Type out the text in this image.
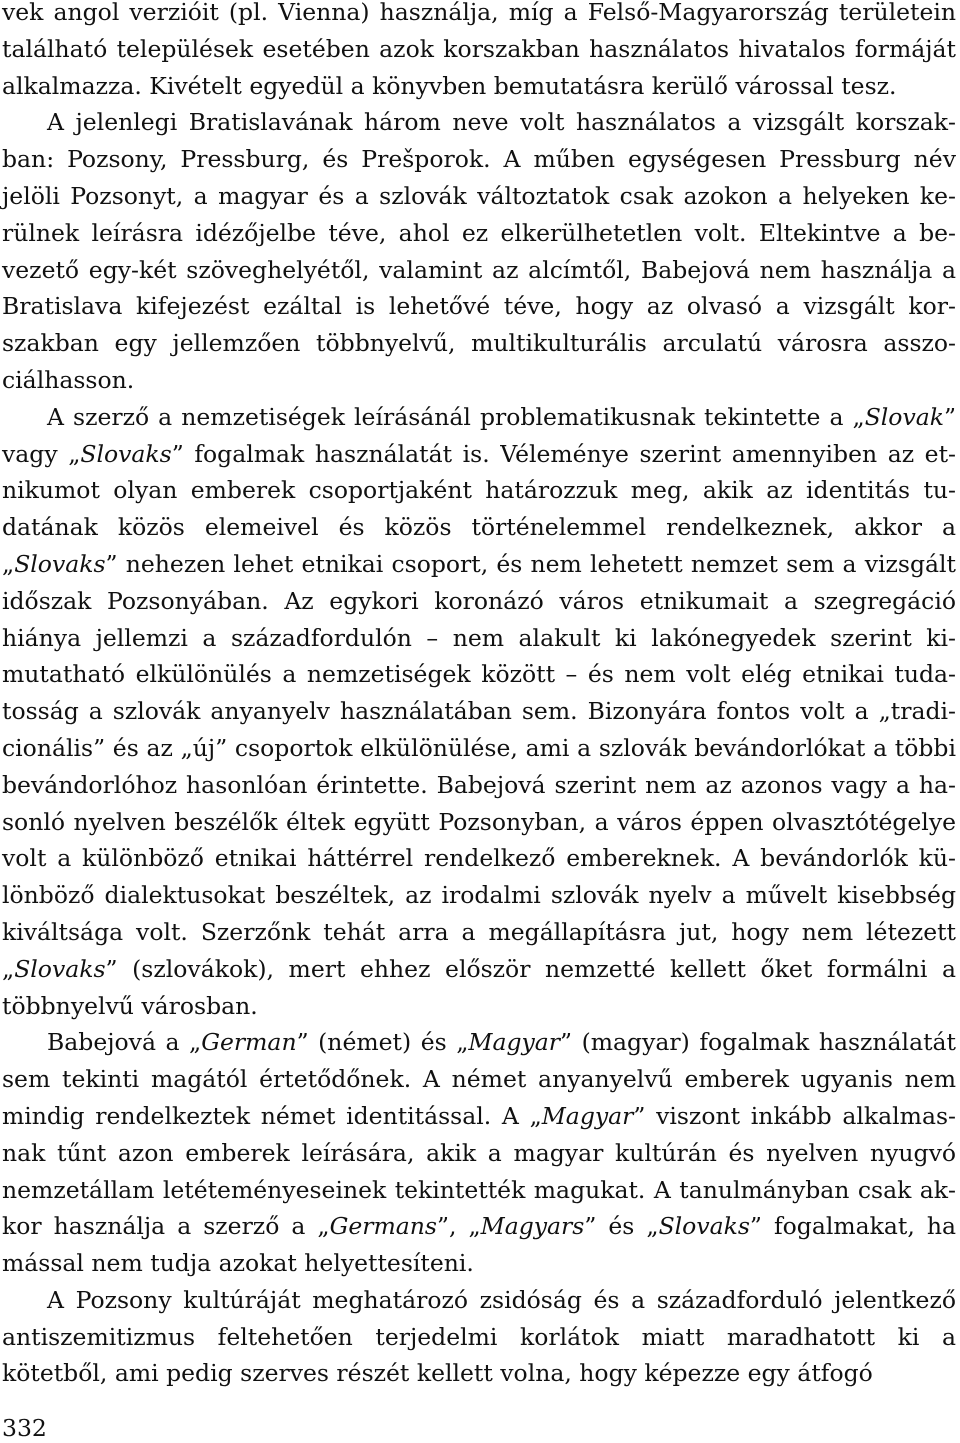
vek angol verzióit (pl. Vienna) használja, míg a Felső-Magyarország területein található települések esetében azok korszakban használatos hivatalos formáját alkalmazza. Kivételt egyedül a könyvben bemutatásra kerülő várossal tesz.

A jelenlegi Bratislavának három neve volt használatos a vizsgált korszakban: Pozsony, Pressburg, és Prešporok. A műben egységesen Pressburg név jelöli Pozsonyt, a magyar és a szlovák változtatok csak azokon a helyeken kerülnek leírásra idézőjelbe téve, ahol ez elkerülhetetlen volt. Eltekintve a bevezető egy-két szöveghelyétől, valamint az alcímtől, Babejová nem használja a Bratislava kifejezést ezáltal is lehetővé téve, hogy az olvasó a vizsgált korszakban egy jellemzően többnyelvű, multikulturális arculatú városra asszociálhasson.

A szerző a nemzetiségek leírásánál problematikusnak tekintette a „Slovak” vagy „Slovaks” fogalmak használatát is. Véleménye szerint amennyiben az etnikumot olyan emberek csoportjaként határozzuk meg, akik az identitás tudatának közös elemeivel és közös történelemmel rendelkeznek, akkor a „Slovaks” nehezen lehet etnikai csoport, és nem lehetett nemzet sem a vizsgált időszak Pozsonyában. Az egykori koronázó város etnikumait a szegregáció hiánya jellemzi a századfordulón – nem alakult ki lakónegyedek szerint kimutatható elkülönülés a nemzetiségek között – és nem volt elég etnikai tudatosság a szlovák anyanyelv használatában sem. Bizonyára fontos volt a „tradicionális” és az „új” csoportok elkülönülése, ami a szlovák bevándorlókat a többi bevándorlóhoz hasonlóan érintette. Babejová szerint nem az azonos vagy a hasonló nyelven beszélők éltek együtt Pozsonyban, a város éppen olvasztótégelye volt a különböző etnikai háttérrel rendelkező embereknek. A bevándorlók különböző dialektusokat beszéltek, az irodalmi szlovák nyelv a művelt kisebbség kiváltsága volt. Szerzőnk tehát arra a megállapításra jut, hogy nem létezett „Slovaks” (szlovákok), mert ehhez először nemzetté kellett őket formálni a többnyelvű városban.

Babejová a „German” (német) és „Magyar” (magyar) fogalmak használatát sem tekinti magától értetődőnek. A német anyanyelvű emberek ugyanis nem mindig rendelkeztek német identitással. A „Magyar” viszont inkább alkalmasnak tűnt azon emberek leírására, akik a magyar kultúrán és nyelven nyugvó nemzetállam letéteményeseinek tekintették magukat. A tanulmányban csak akkor használja a szerző a „Germans”, „Magyars” és „Slovaks” fogalmakat, ha mással nem tudja azokat helyettesíteni.

A Pozsony kultúráját meghatározó zsidóság és a századforduló jelentkező antiszemitizmus feltehetően terjedelmi korlátok miatt maradhatott ki a kötetből, ami pedig szerves részét kellett volna, hogy képezze egy átfogó

332
